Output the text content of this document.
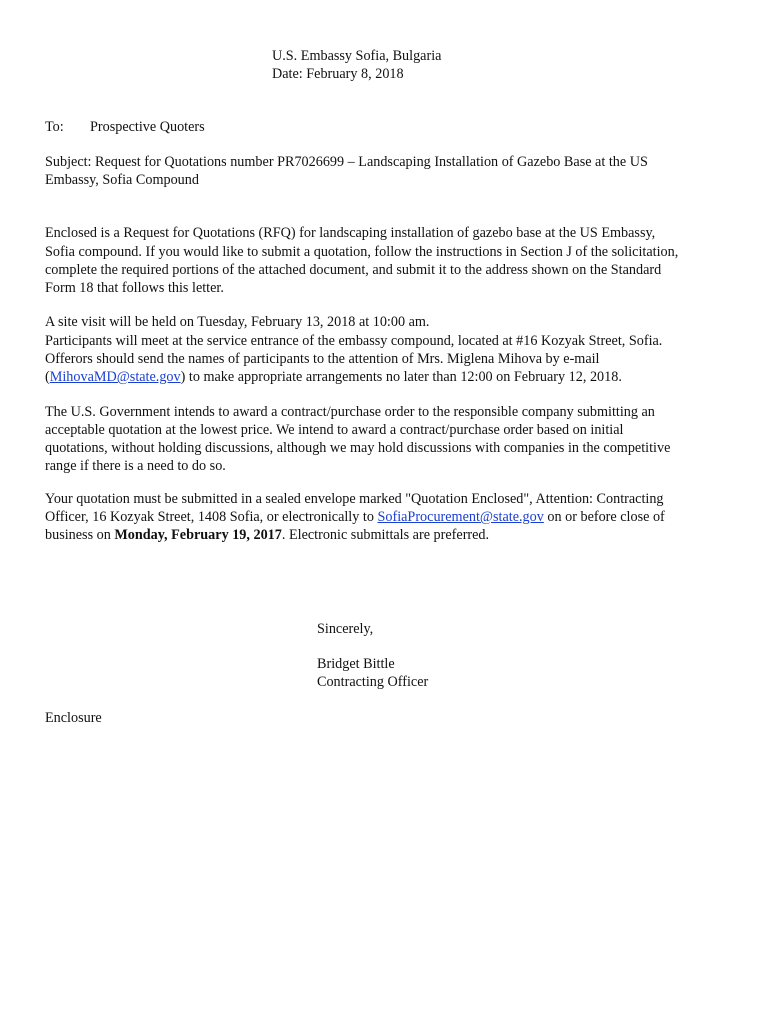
U.S. Embassy Sofia, Bulgaria
Date: February 8, 2018
To: Prospective Quoters
Subject: Request for Quotations number PR7026699 – Landscaping Installation of Gazebo Base at the US
Embassy, Sofia Compound
Enclosed is a Request for Quotations (RFQ) for landscaping installation of gazebo base at the US Embassy,
Sofia compound. If you would like to submit a quotation, follow the instructions in Section J of the solicitation,
complete the required portions of the attached document, and submit it to the address shown on the Standard
Form 18 that follows this letter.
A site visit will be held on Tuesday, February 13, 2018 at 10:00 am.
Participants will meet at the service entrance of the embassy compound, located at #16 Kozyak Street, Sofia.
Offerors should send the names of participants to the attention of Mrs. Miglena Mihova by e-mail
(MihovaMD@state.gov) to make appropriate arrangements no later than 12:00 on February 12, 2018.
The U.S. Government intends to award a contract/purchase order to the responsible company submitting an
acceptable quotation at the lowest price. We intend to award a contract/purchase order based on initial
quotations, without holding discussions, although we may hold discussions with companies in the competitive
range if there is a need to do so.
Your quotation must be submitted in a sealed envelope marked "Quotation Enclosed", Attention: Contracting
Officer, 16 Kozyak Street, 1408 Sofia, or electronically to SofiaProcurement@state.gov on or before close of
business on Monday, February 19, 2017. Electronic submittals are preferred.
Sincerely,
Bridget Bittle
Contracting Officer
Enclosure
